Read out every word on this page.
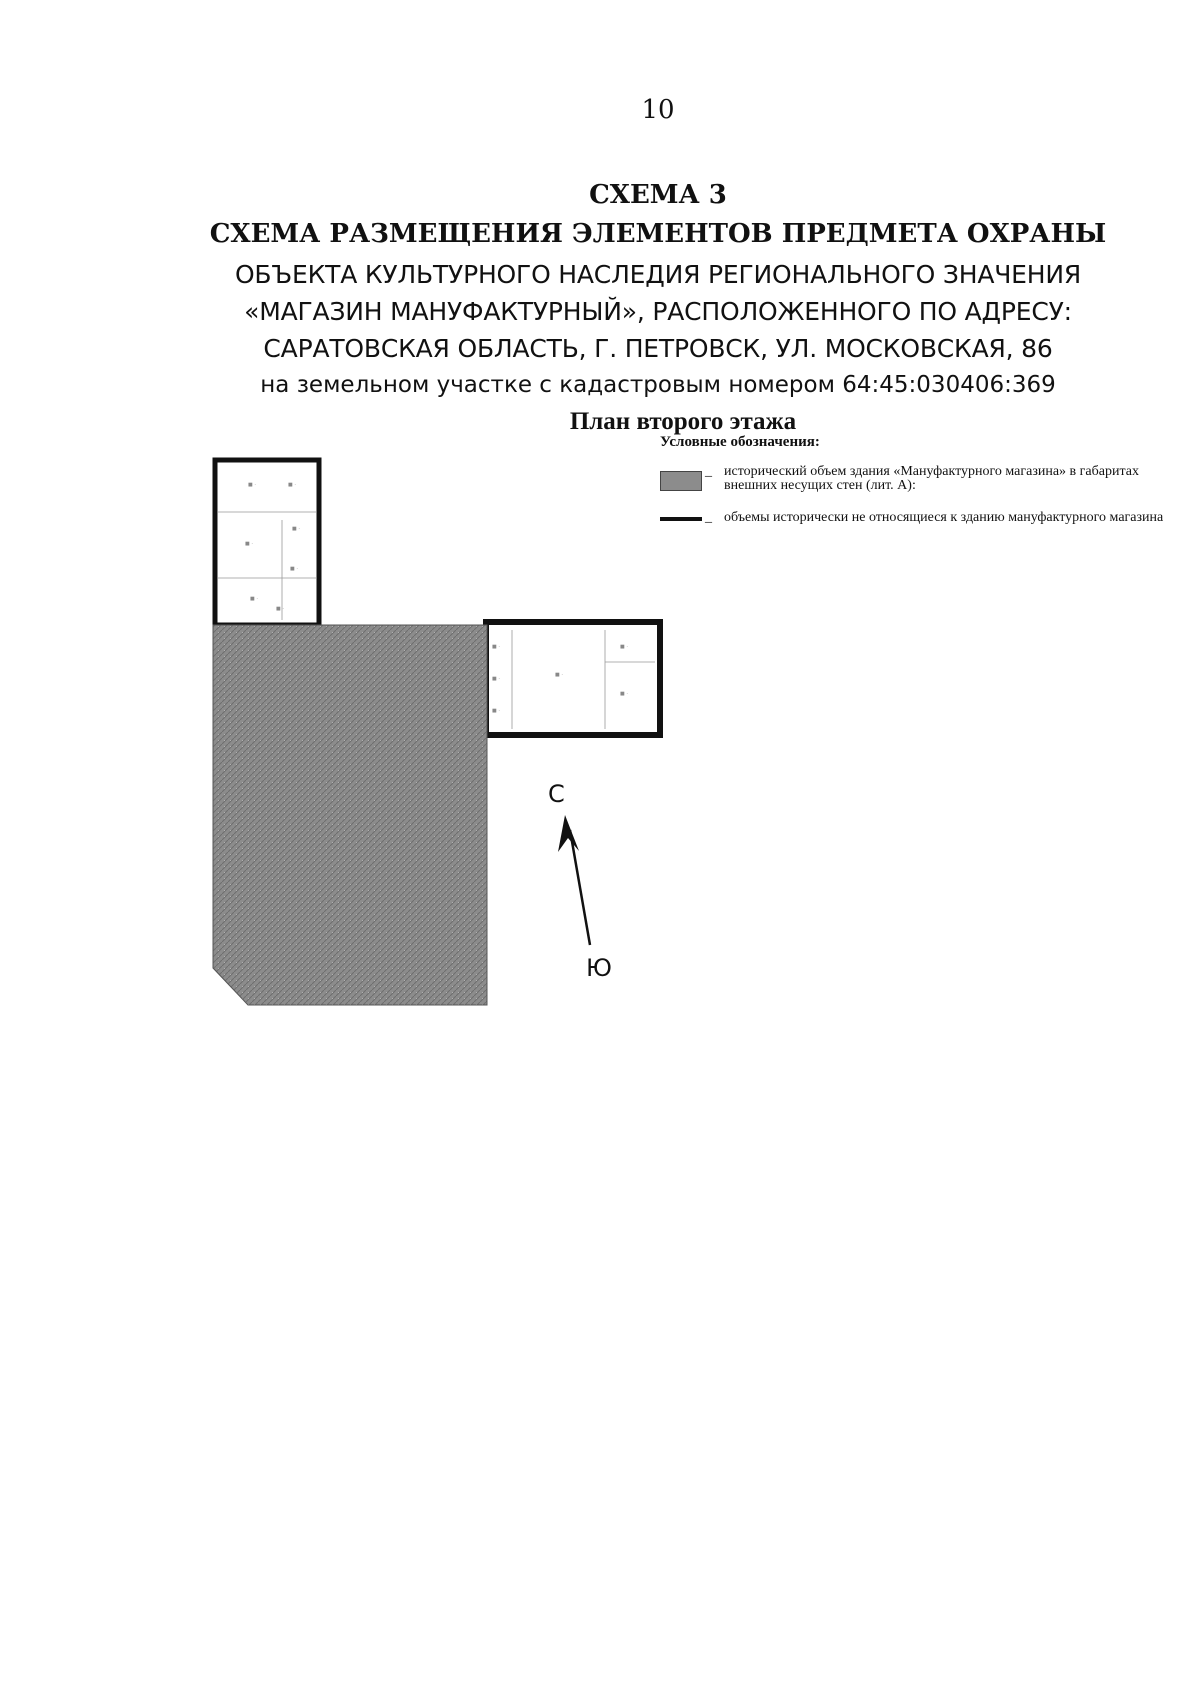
10
СХЕМА 3
СХЕМА РАЗМЕЩЕНИЯ ЭЛЕМЕНТОВ ПРЕДМЕТА ОХРАНЫ
ОБЪЕКТА КУЛЬТУРНОГО НАСЛЕДИЯ РЕГИОНАЛЬНОГО ЗНАЧЕНИЯ
«МАГАЗИН МАНУФАКТУРНЫЙ», РАСПОЛОЖЕННОГО ПО АДРЕСУ:
САРАТОВСКАЯ ОБЛАСТЬ, Г. ПЕТРОВСК, УЛ. МОСКОВСКАЯ, 86
на земельном участке с кадастровым номером 64:45:030406:369
План второго этажа
Условные обозначения:
_ исторический объем здания «Мануфактурного магазина» в габаритах внешних несущих стен (лит. А):
_ объемы исторически не относящиеся к зданию мануфактурного магазина
■ ·	■ ·
■ ·
■ ·
■ ·
■ ·
■ ·
■ ·
■ ·
■ ·
■ ·
■ ·
■ ·
С
Ю
